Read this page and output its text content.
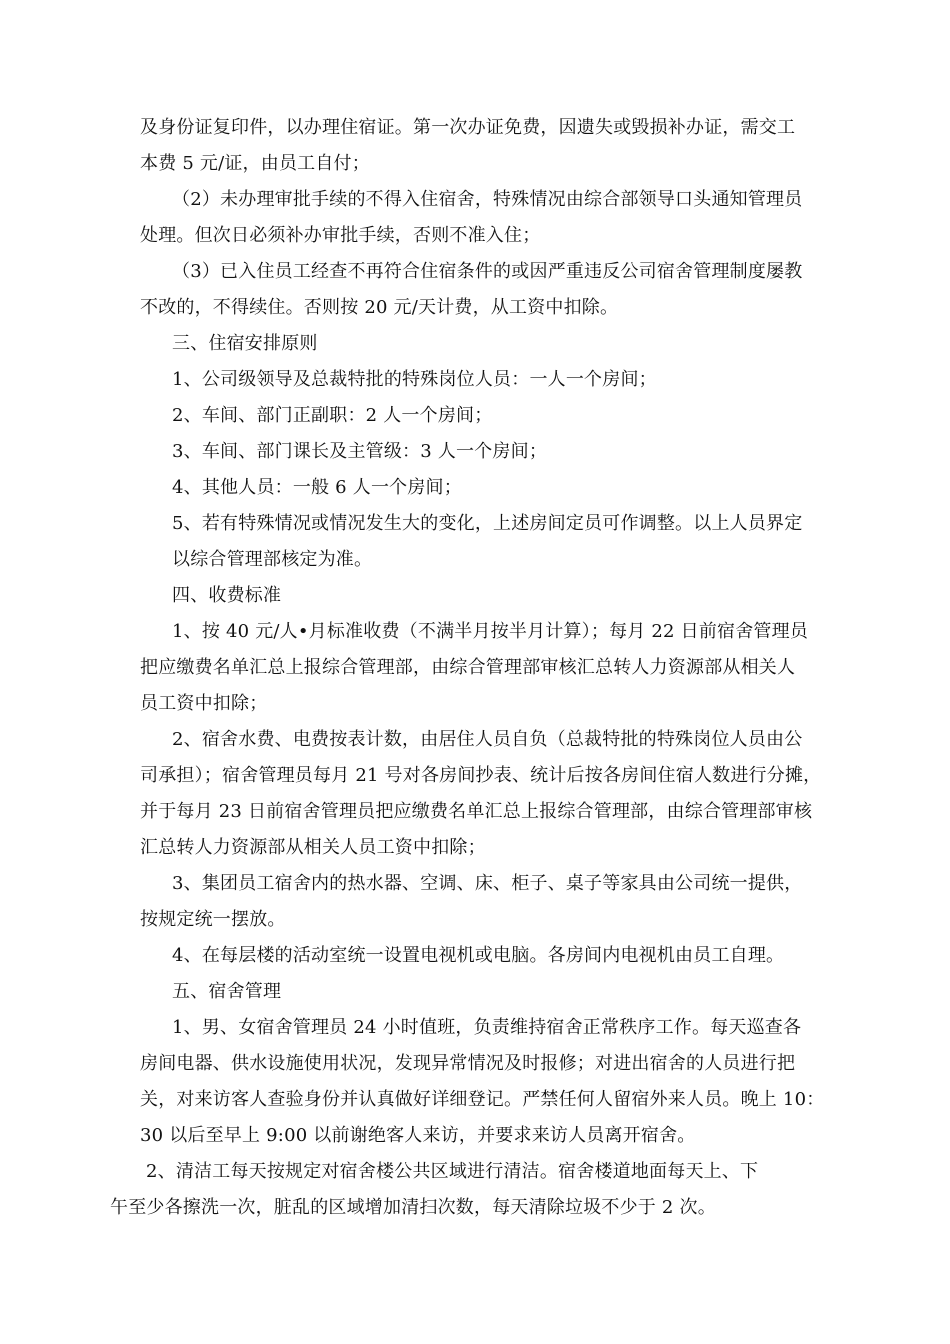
及身份证复印件，以办理住宿证。第一次办证免费，因遗失或毁损补办证，需交工
本费 5 元/证，由员工自付；
（2）未办理审批手续的不得入住宿舍，特殊情况由综合部领导口头通知管理员
处理。但次日必须补办审批手续，否则不准入住；
（3）已入住员工经查不再符合住宿条件的或因严重违反公司宿舍管理制度屡教
不改的，不得续住。否则按 20 元/天计费，从工资中扣除。
三、住宿安排原则
1、公司级领导及总裁特批的特殊岗位人员：一人一个房间；
2、车间、部门正副职：2 人一个房间；
3、车间、部门课长及主管级：3 人一个房间；
4、其他人员：一般 6 人一个房间；
5、若有特殊情况或情况发生大的变化，上述房间定员可作调整。以上人员界定
以综合管理部核定为准。
四、收费标准
1、按 40 元/人•月标准收费（不满半月按半月计算）；每月 22 日前宿舍管理员
把应缴费名单汇总上报综合管理部，由综合管理部审核汇总转人力资源部从相关人
员工资中扣除；
2、宿舍水费、电费按表计数，由居住人员自负（总裁特批的特殊岗位人员由公
司承担）；宿舍管理员每月 21 号对各房间抄表、统计后按各房间住宿人数进行分摊，
并于每月 23 日前宿舍管理员把应缴费名单汇总上报综合管理部，由综合管理部审核
汇总转人力资源部从相关人员工资中扣除；
3、集团员工宿舍内的热水器、空调、床、柜子、桌子等家具由公司统一提供，
按规定统一摆放。
4、在每层楼的活动室统一设置电视机或电脑。各房间内电视机由员工自理。
五、宿舍管理
1、男、女宿舍管理员 24 小时值班，负责维持宿舍正常秩序工作。每天巡查各
房间电器、供水设施使用状况，发现异常情况及时报修；对进出宿舍的人员进行把
关，对来访客人查验身份并认真做好详细登记。严禁任何人留宿外来人员。晚上 10：
30 以后至早上 9:00 以前谢绝客人来访，并要求来访人员离开宿舍。
2、清洁工每天按规定对宿舍楼公共区域进行清洁。宿舍楼道地面每天上、下
午至少各擦洗一次，脏乱的区域增加清扫次数，每天清除垃圾不少于 2 次。
